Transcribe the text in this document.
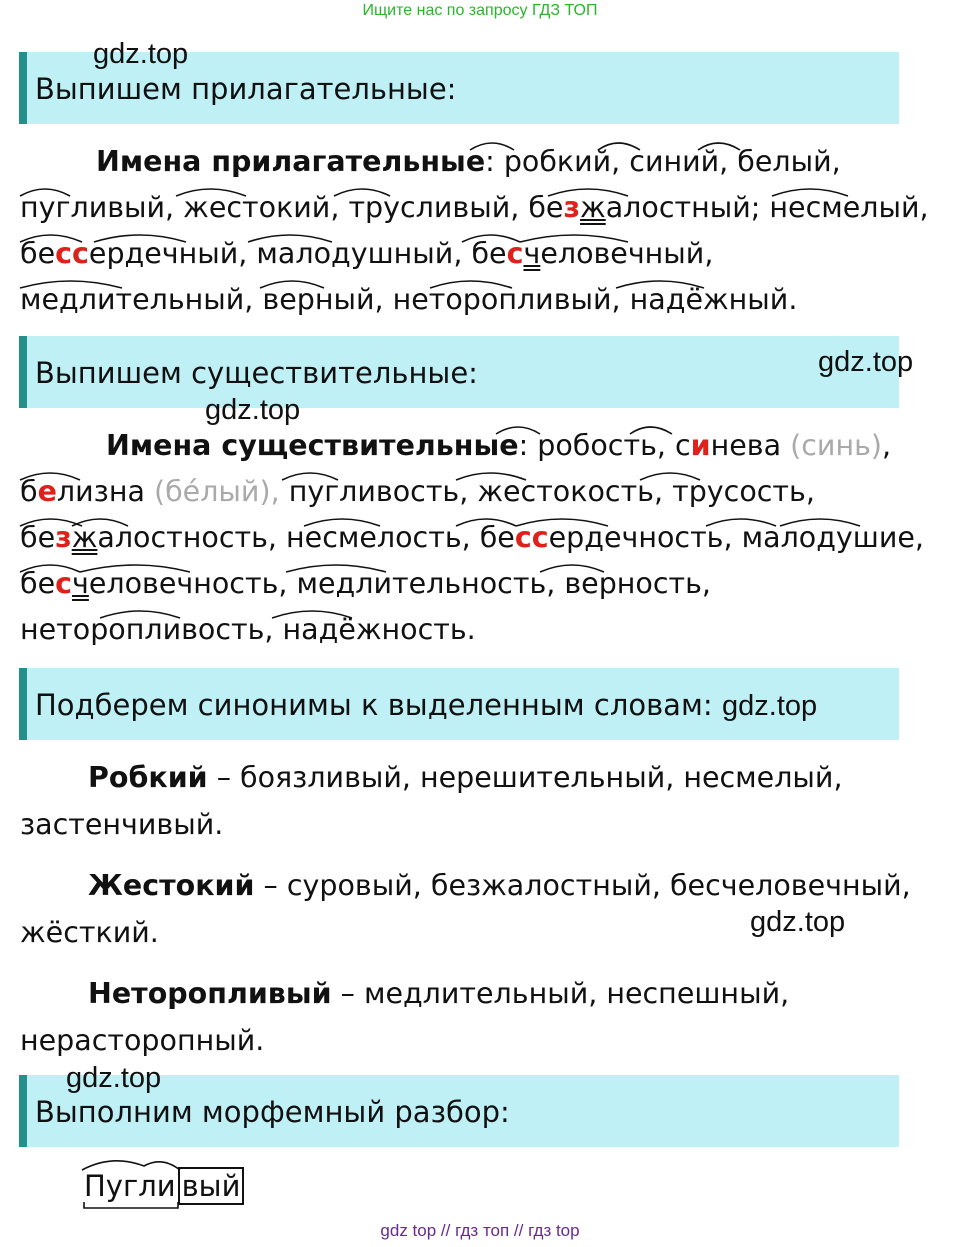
Ищите нас по запросу ГДЗ ТОП
Выпишем прилагательные:
gdz.top
Имена прилагательные: робкий, синий, белый,
пугливый, жестокий, трусливый, безжалостный; несмелый,
бессердечный, малодушный, бесчеловечный,
медлительный, верный, неторопливый, надёжный.
Выпишем существительные:	gdz.top
gdz.top
Имена существительные: робость, синева (синь),
белизна (бéлый), пугливость, жестокость, трусость,
безжалостность, несмелость, бессердечность, малодушие,
бесчеловечность, медлительность, верность,
неторопливость, надёжность.
Подберем синонимы к выделенным словам: gdz.top
Робкий – боязливый, нерешительный, несмелый,
застенчивый.
Жестокий – суровый, безжалостный, бесчеловечный,
жёсткий.	gdz.top
Неторопливый – медлительный, неспешный,
нерасторопный.
Выполним морфемный разбор:
gdz.top
Пугли вый
gdz top // гдз топ // гдз top
